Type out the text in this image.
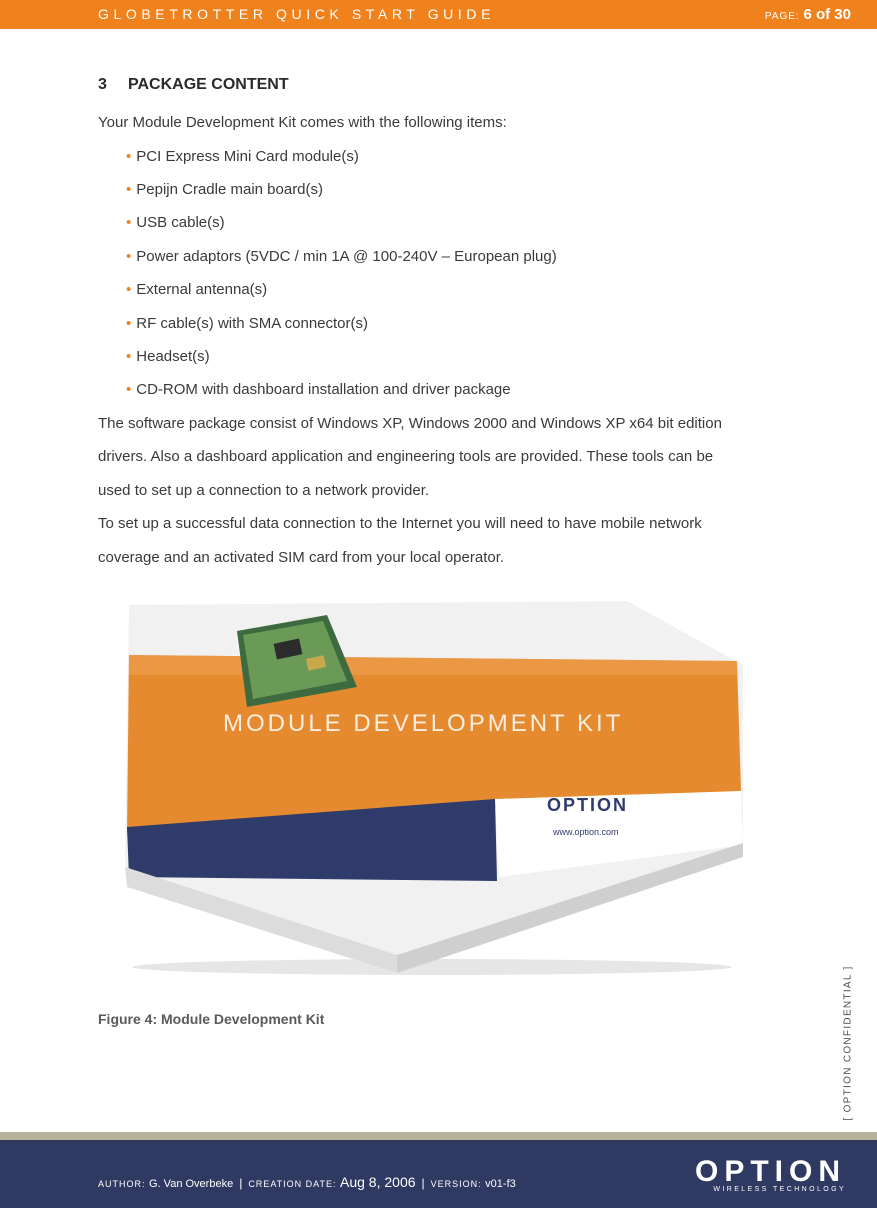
GLOBETROTTER QUICK START GUIDE	PAGE: 6 of 30
3 PACKAGE CONTENT

Your Module Development Kit comes with the following items:

• PCI Express Mini Card module(s)
• Pepijn Cradle main board(s)
• USB cable(s)
• Power adaptors (5VDC / min 1A @ 100-240V – European plug)
• External antenna(s)
• RF cable(s) with SMA connector(s)
• Headset(s)
• CD-ROM with dashboard installation and driver package

The software package consist of Windows XP, Windows 2000 and Windows XP x64 bit edition
drivers. Also a dashboard application and engineering tools are provided. These tools can be
used to set up a connection to a network provider.

To set up a successful data connection to the Internet you will need to have mobile network
coverage and an activated SIM card from your local operator.

OPTION
www.option.com
MODULE DEVELOPMENT KIT
Figure 4: Module Development Kit	[ OPTION CONFIDENTIAL ]
AUTHOR: G. Van Overbeke | CREATION DATE: Aug 8, 2006 | VERSION: v01-f3	OPTION
WIRELESS TECHNOLOGY
